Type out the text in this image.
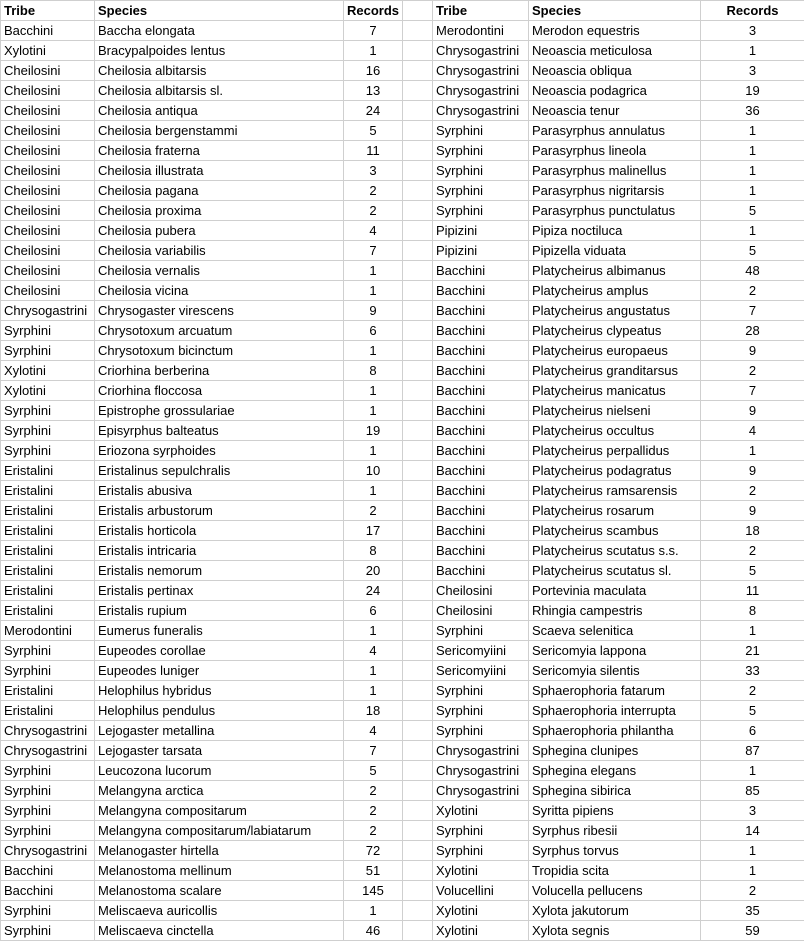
Tribe	Species	Records		Tribe	Species	Records
Bacchini	Baccha elongata	7		Merodontini	Merodon equestris	3
Xylotini	Bracypalpoides lentus	1		Chrysogastrini	Neoascia meticulosa	1
Cheilosini	Cheilosia albitarsis	16		Chrysogastrini	Neoascia obliqua	3
Cheilosini	Cheilosia albitarsis sl.	13		Chrysogastrini	Neoascia podagrica	19
Cheilosini	Cheilosia antiqua	24		Chrysogastrini	Neoascia tenur	36
Cheilosini	Cheilosia bergenstammi	5		Syrphini	Parasyrphus annulatus	1
Cheilosini	Cheilosia fraterna	11		Syrphini	Parasyrphus lineola	1
Cheilosini	Cheilosia illustrata	3		Syrphini	Parasyrphus malinellus	1
Cheilosini	Cheilosia pagana	2		Syrphini	Parasyrphus nigritarsis	1
Cheilosini	Cheilosia proxima	2		Syrphini	Parasyrphus punctulatus	5
Cheilosini	Cheilosia pubera	4		Pipizini	Pipiza noctiluca	1
Cheilosini	Cheilosia variabilis	7		Pipizini	Pipizella viduata	5
Cheilosini	Cheilosia vernalis	1		Bacchini	Platycheirus albimanus	48
Cheilosini	Cheilosia vicina	1		Bacchini	Platycheirus amplus	2
Chrysogastrini	Chrysogaster virescens	9		Bacchini	Platycheirus angustatus	7
Syrphini	Chrysotoxum arcuatum	6		Bacchini	Platycheirus clypeatus	28
Syrphini	Chrysotoxum bicinctum	1		Bacchini	Platycheirus europaeus	9
Xylotini	Criorhina berberina	8		Bacchini	Platycheirus granditarsus	2
Xylotini	Criorhina floccosa	1		Bacchini	Platycheirus manicatus	7
Syrphini	Epistrophe grossulariae	1		Bacchini	Platycheirus nielseni	9
Syrphini	Episyrphus balteatus	19		Bacchini	Platycheirus occultus	4
Syrphini	Eriozona syrphoides	1		Bacchini	Platycheirus perpallidus	1
Eristalini	Eristalinus sepulchralis	10		Bacchini	Platycheirus podagratus	9
Eristalini	Eristalis abusiva	1		Bacchini	Platycheirus ramsarensis	2
Eristalini	Eristalis arbustorum	2		Bacchini	Platycheirus rosarum	9
Eristalini	Eristalis horticola	17		Bacchini	Platycheirus scambus	18
Eristalini	Eristalis intricaria	8		Bacchini	Platycheirus scutatus s.s.	2
Eristalini	Eristalis nemorum	20		Bacchini	Platycheirus scutatus sl.	5
Eristalini	Eristalis pertinax	24		Cheilosini	Portevinia maculata	11
Eristalini	Eristalis rupium	6		Cheilosini	Rhingia campestris	8
Merodontini	Eumerus funeralis	1		Syrphini	Scaeva selenitica	1
Syrphini	Eupeodes corollae	4		Sericomyiini	Sericomyia lappona	21
Syrphini	Eupeodes luniger	1		Sericomyiini	Sericomyia silentis	33
Eristalini	Helophilus hybridus	1		Syrphini	Sphaerophoria fatarum	2
Eristalini	Helophilus pendulus	18		Syrphini	Sphaerophoria interrupta	5
Chrysogastrini	Lejogaster metallina	4		Syrphini	Sphaerophoria philantha	6
Chrysogastrini	Lejogaster tarsata	7		Chrysogastrini	Sphegina clunipes	87
Syrphini	Leucozona lucorum	5		Chrysogastrini	Sphegina elegans	1
Syrphini	Melangyna arctica	2		Chrysogastrini	Sphegina sibirica	85
Syrphini	Melangyna compositarum	2		Xylotini	Syritta pipiens	3
Syrphini	Melangyna compositarum/labiatarum	2		Syrphini	Syrphus ribesii	14
Chrysogastrini	Melanogaster hirtella	72		Syrphini	Syrphus torvus	1
Bacchini	Melanostoma mellinum	51		Xylotini	Tropidia scita	1
Bacchini	Melanostoma scalare	145		Volucellini	Volucella pellucens	2
Syrphini	Meliscaeva auricollis	1		Xylotini	Xylota jakutorum	35
Syrphini	Meliscaeva cinctella	46		Xylotini	Xylota segnis	59
